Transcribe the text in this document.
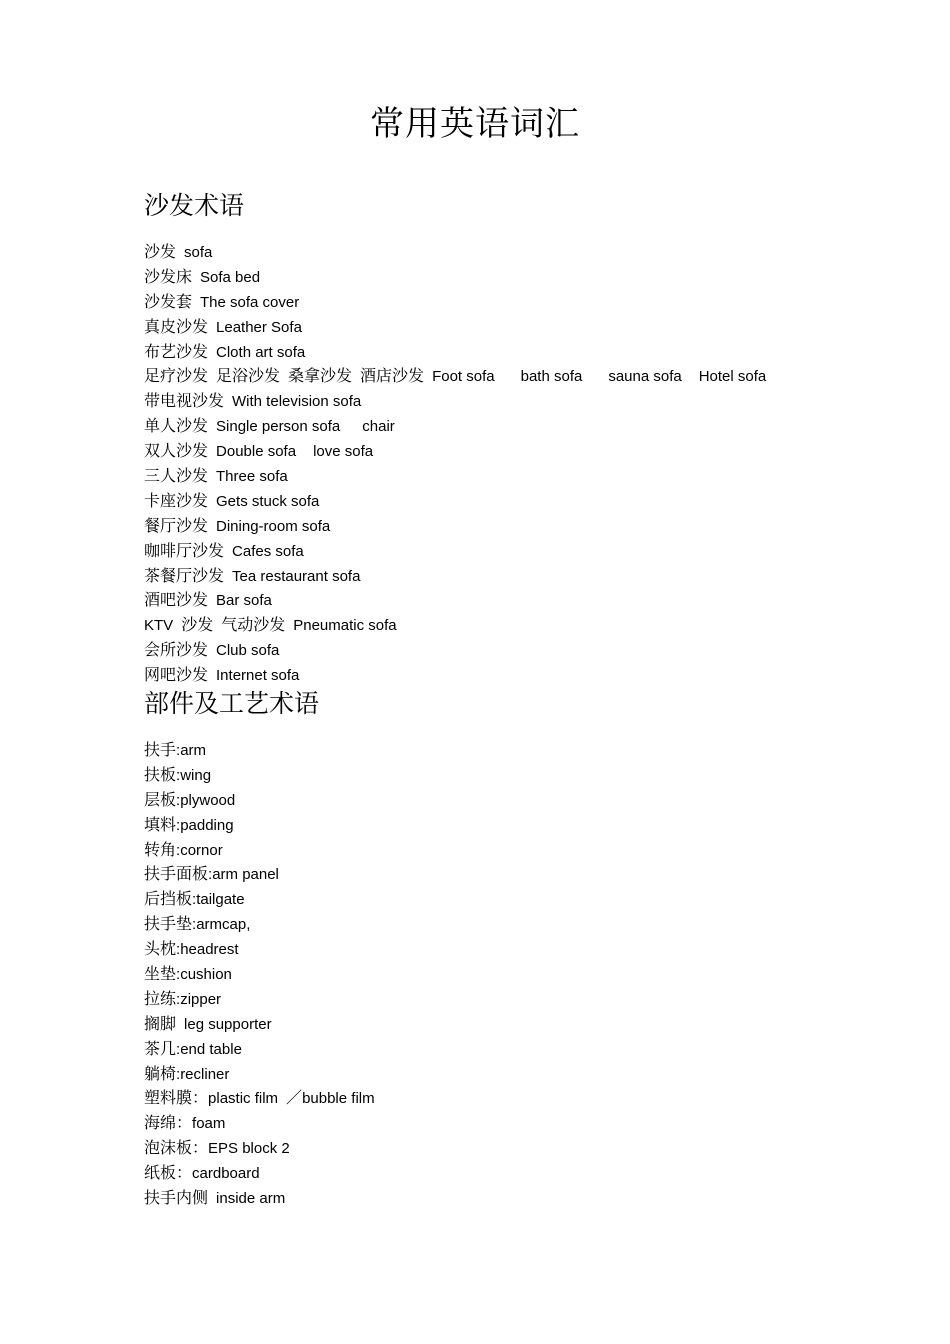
常用英语词汇
沙发术语
沙发 sofa
沙发床 Sofa bed
沙发套 The sofa cover
真皮沙发 Leather Sofa
布艺沙发 Cloth art sofa
足疗沙发 足浴沙发 桑拿沙发 酒店沙发 Foot sofa bath sofa sauna sofa Hotel sofa
带电视沙发 With television sofa
单人沙发 Single person sofa chair
双人沙发 Double sofa love sofa
三人沙发 Three sofa
卡座沙发 Gets stuck sofa
餐厅沙发 Dining-room sofa
咖啡厅沙发 Cafes sofa
茶餐厅沙发 Tea restaurant sofa
酒吧沙发 Bar sofa
KTV 沙发 气动沙发 Pneumatic sofa
会所沙发 Club sofa
网吧沙发 Internet sofa
部件及工艺术语
扶手:arm
扶板:wing
层板:plywood
填料:padding
转角:cornor
扶手面板:arm panel
后挡板:tailgate
扶手垫:armcap,
头枕:headrest
坐垫:cushion
拉练:zipper
搁脚 leg supporter
茶几:end table
躺椅:recliner
塑料膜：plastic film ／bubble film
海绵：foam
泡沫板：EPS block 2
纸板：cardboard
扶手内侧 inside arm
